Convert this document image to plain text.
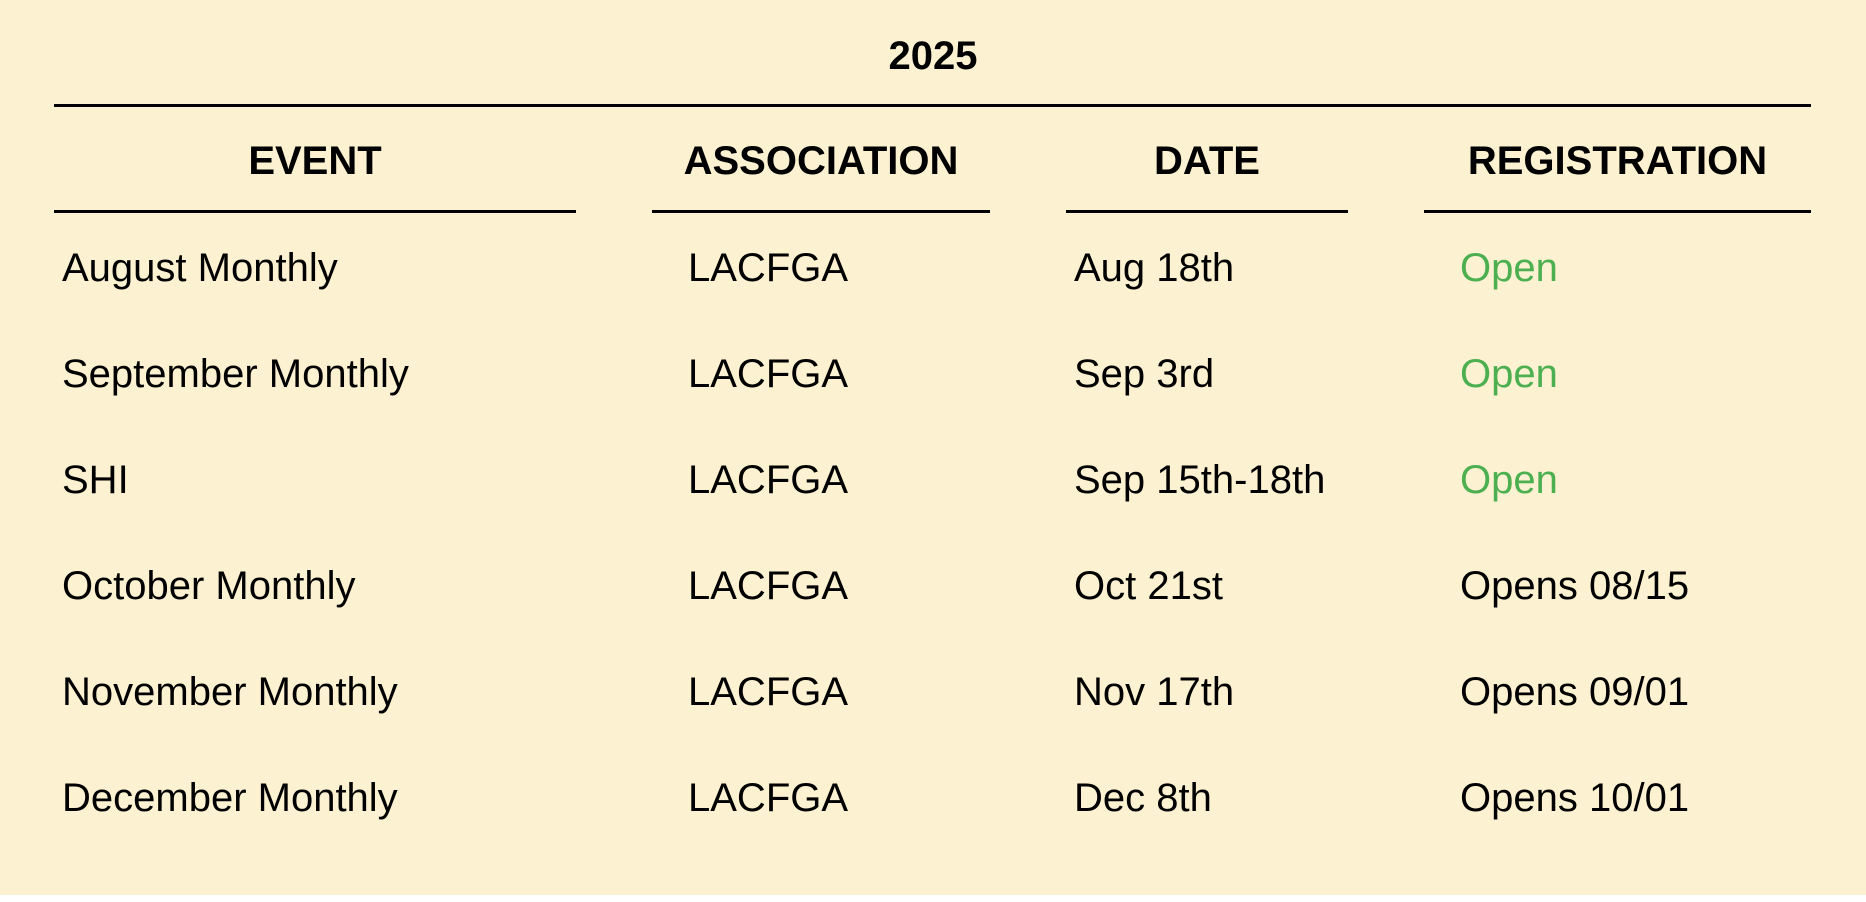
2025
EVENT	ASSOCIATION	DATE	REGISTRATION
August Monthly	LACFGA	Aug 18th	Open
September Monthly	LACFGA	Sep 3rd	Open
SHI	LACFGA	Sep 15th-18th	Open
October Monthly	LACFGA	Oct 21st	Opens 08/15
November Monthly	LACFGA	Nov 17th	Opens 09/01
December Monthly	LACFGA	Dec 8th	Opens 10/01
